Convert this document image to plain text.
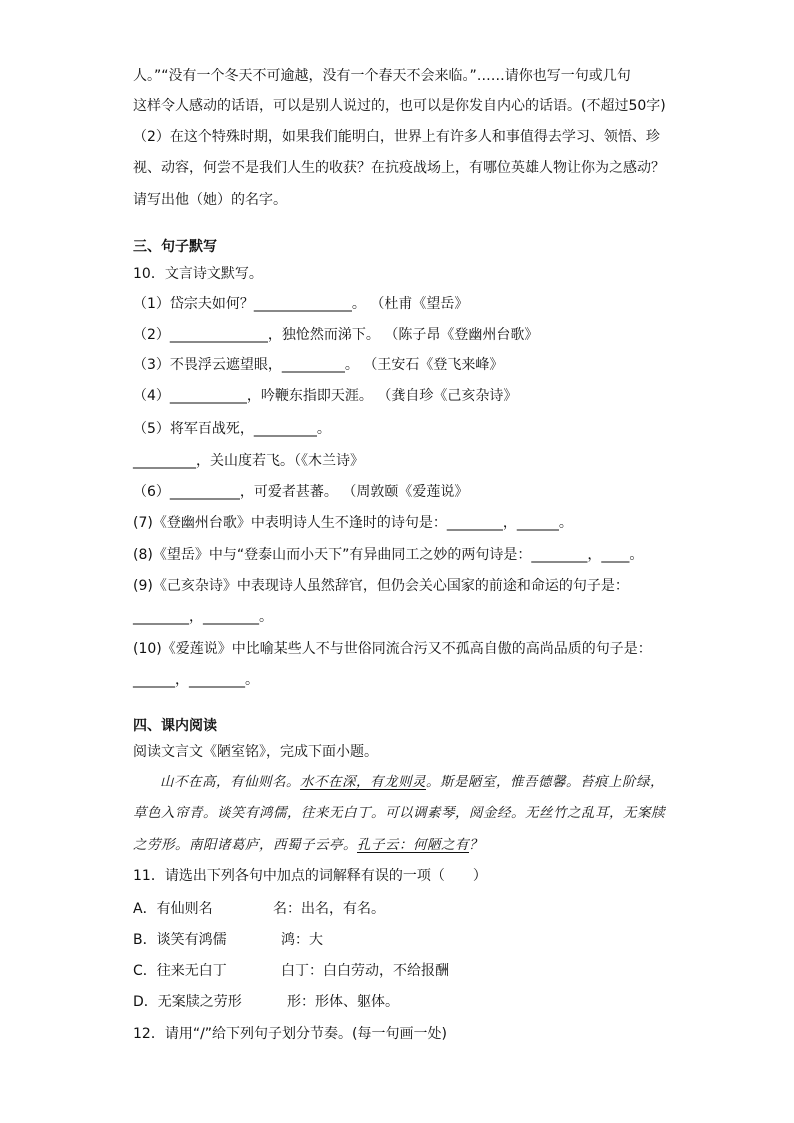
人。”“没有一个冬天不可逾越，没有一个春天不会来临。”……请你也写一句或几句
这样令人感动的话语，可以是别人说过的，也可以是你发自内心的话语。(不超过50字)
（2）在这个特殊时期，如果我们能明白，世界上有许多人和事值得去学习、领悟、珍
视、动容，何尝不是我们人生的收获？在抗疫战场上，有哪位英雄人物让你为之感动？
请写出他（她）的名字。
三、句子默写
10．文言诗文默写。
（1）岱宗夫如何？______________。 （杜甫《望岳》
（2）______________，独怆然而涕下。 （陈子昂《登幽州台歌》
（3）不畏浮云遮望眼，_________。 （王安石《登飞来峰》
（4）___________，吟鞭东指即天涯。 （龚自珍《己亥杂诗》
（5）将军百战死，_________。
_________，关山度若飞。（《木兰诗》
（6）__________，可爱者甚蕃。 （周敦颐《爱莲说》
(7)《登幽州台歌》中表明诗人生不逢时的诗句是：________，______。
(8)《望岳》中与“登泰山而小天下”有异曲同工之妙的两句诗是：________，____。
(9)《己亥杂诗》中表现诗人虽然辞官，但仍会关心国家的前途和命运的句子是：
________，________。
(10)《爱莲说》中比喻某些人不与世俗同流合污又不孤高自傲的高尚品质的句子是：
______，________。
四、课内阅读
阅读文言文《陋室铭》，完成下面小题。
山不在高，有仙则名。水不在深，有龙则灵。斯是陋室，惟吾德馨。苔痕上阶绿，
草色入帘青。谈笑有鸿儒，往来无白丁。可以调素琴，阅金经。无丝竹之乱耳，无案牍
之劳形。南阳诸葛庐，西蜀子云亭。孔子云：何陋之有？
11．请选出下列各句中加点的词解释有误的一项（　　）
A．有仙则名	名：出名，有名。
B．谈笑有鸿儒	鸿：大
C．往来无白丁	白丁：白白劳动，不给报酬
D．无案牍之劳形	形：形体、躯体。
12．请用“/”给下列句子划分节奏。(每一句画一处)
